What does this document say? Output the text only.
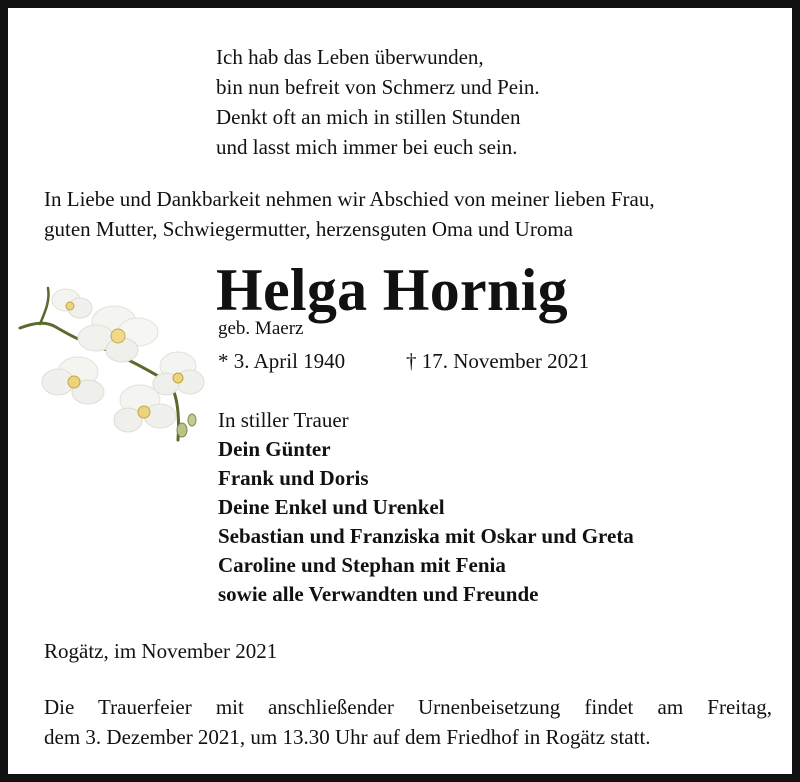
Ich hab das Leben überwunden,
bin nun befreit von Schmerz und Pein.
Denkt oft an mich in stillen Stunden
und lasst mich immer bei euch sein.
In Liebe und Dankbarkeit nehmen wir Abschied von meiner lieben Frau,
guten Mutter, Schwiegermutter, herzensguten Oma und Uroma
Helga Hornig
geb. Maerz
* 3. April 1940	† 17. November 2021
In stiller Trauer
Dein Günter
Frank und Doris
Deine Enkel und Urenkel
Sebastian und Franziska mit Oskar und Greta
Caroline und Stephan mit Fenia
sowie alle Verwandten und Freunde
Rogätz, im November 2021
Die Trauerfeier mit anschließender Urnenbeisetzung findet am Freitag,
dem 3. Dezember 2021, um 13.30 Uhr auf dem Friedhof in Rogätz statt.
